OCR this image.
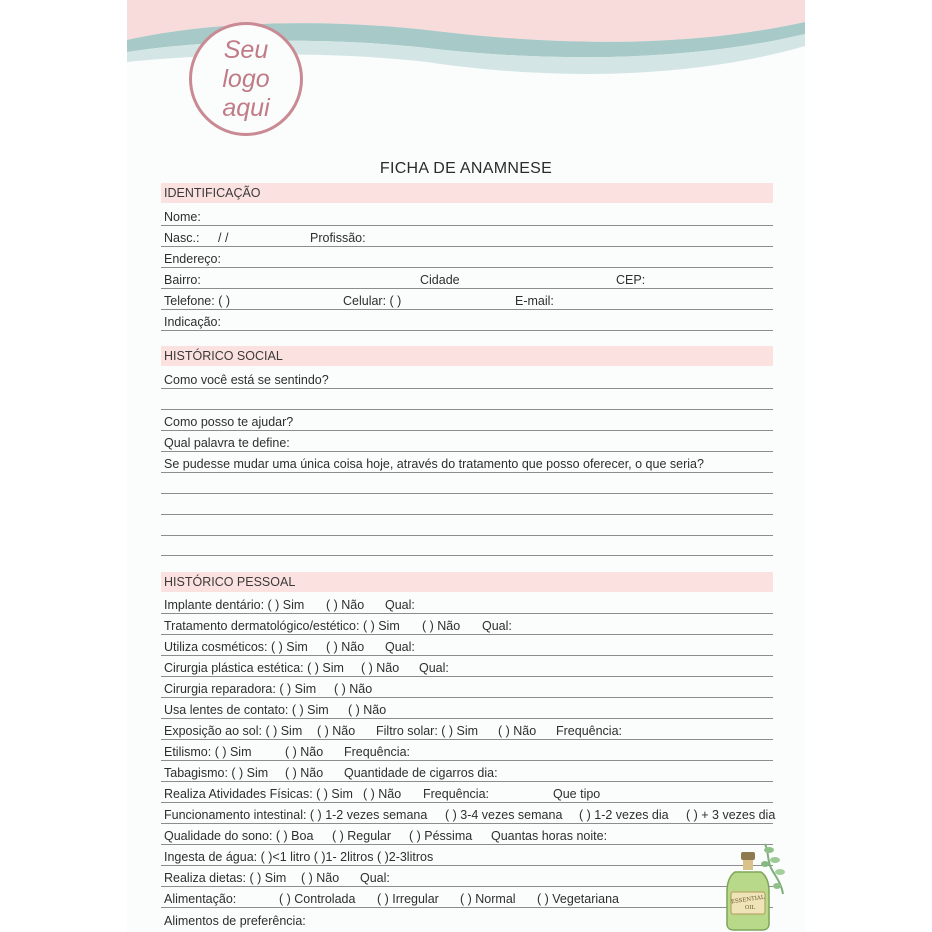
Seu
logo
aqui
FICHA DE ANAMNESE
IDENTIFICAÇÃO
Nome:
Nasc.: / /	Profissão:
Endereço:
Bairro:	Cidade	CEP:
Telefone: ( )	Celular: ( )	E-mail:
Indicação:
HISTÓRICO SOCIAL
Como você está se sentindo?
Como posso te ajudar?
Qual palavra te define:
Se pudesse mudar uma única coisa hoje, através do tratamento que posso oferecer, o que seria?
HISTÓRICO PESSOAL
Implante dentário: ( ) Sim ( ) Não Qual:
Tratamento dermatológico/estético: ( ) Sim ( ) Não Qual:
Utiliza cosméticos: ( ) Sim ( ) Não Qual:
Cirurgia plástica estética: ( ) Sim ( ) Não Qual:
Cirurgia reparadora: ( ) Sim ( ) Não
Usa lentes de contato: ( ) Sim ( ) Não
Exposição ao sol: ( ) Sim ( ) Não Filtro solar: ( ) Sim ( ) Não Frequência:
Etilismo: ( ) Sim	( ) Não Frequência:
Tabagismo: ( ) Sim ( ) Não Quantidade de cigarros dia:
Realiza Atividades Físicas: ( ) Sim ( ) Não Frequência:	Que tipo
Funcionamento intestinal: ( ) 1-2 vezes semana ( ) 3-4 vezes semana ( ) 1-2 vezes dia ( ) + 3 vezes dia
Qualidade do sono: ( ) Boa ( ) Regular ( ) Péssima Quantas horas noite:
Ingesta de água: ( )<1 litro ( )1- 2litros ( )2-3litros
Realiza dietas: ( ) Sim ( ) Não Qual:
Alimentação:	( ) Controlada ( ) Irregular ( ) Normal ( ) Vegetariana
Alimentos de preferência:
ESSENTIAL
OIL
